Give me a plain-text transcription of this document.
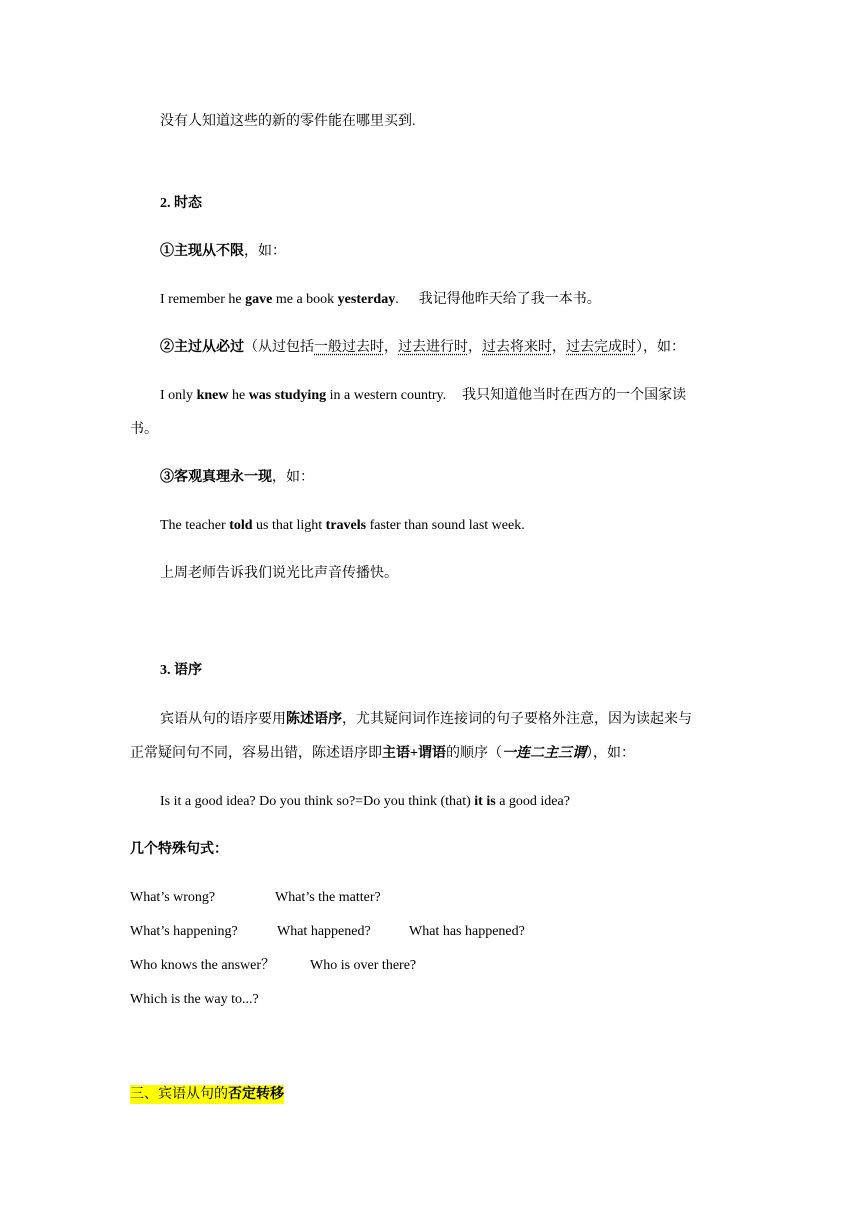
没有人知道这些的新的零件能在哪里买到.
2. 时态
①主现从不限，如：
I remember he gave me a book yesterday. 我记得他昨天给了我一本书。
②主过从必过（从过包括一般过去时，过去进行时，过去将来时，过去完成时），如：
I only knew he was studying in a western country. 我只知道他当时在西方的一个国家读
书。
③客观真理永一现，如：
The teacher told us that light travels faster than sound last week.
上周老师告诉我们说光比声音传播快。
3. 语序
宾语从句的语序要用陈述语序，尤其疑问词作连接词的句子要格外注意，因为读起来与
正常疑问句不同，容易出错，陈述语序即主语+谓语的顺序（一连二主三谓），如：
Is it a good idea? Do you think so?=Do you think (that) it is a good idea?
几个特殊句式：
What’s wrong?	What’s the matter?
What’s happening?	What happened?	What has happened?
Who knows the answer？ Who is over there?
Which is the way to...?
三、宾语从句的否定转移
